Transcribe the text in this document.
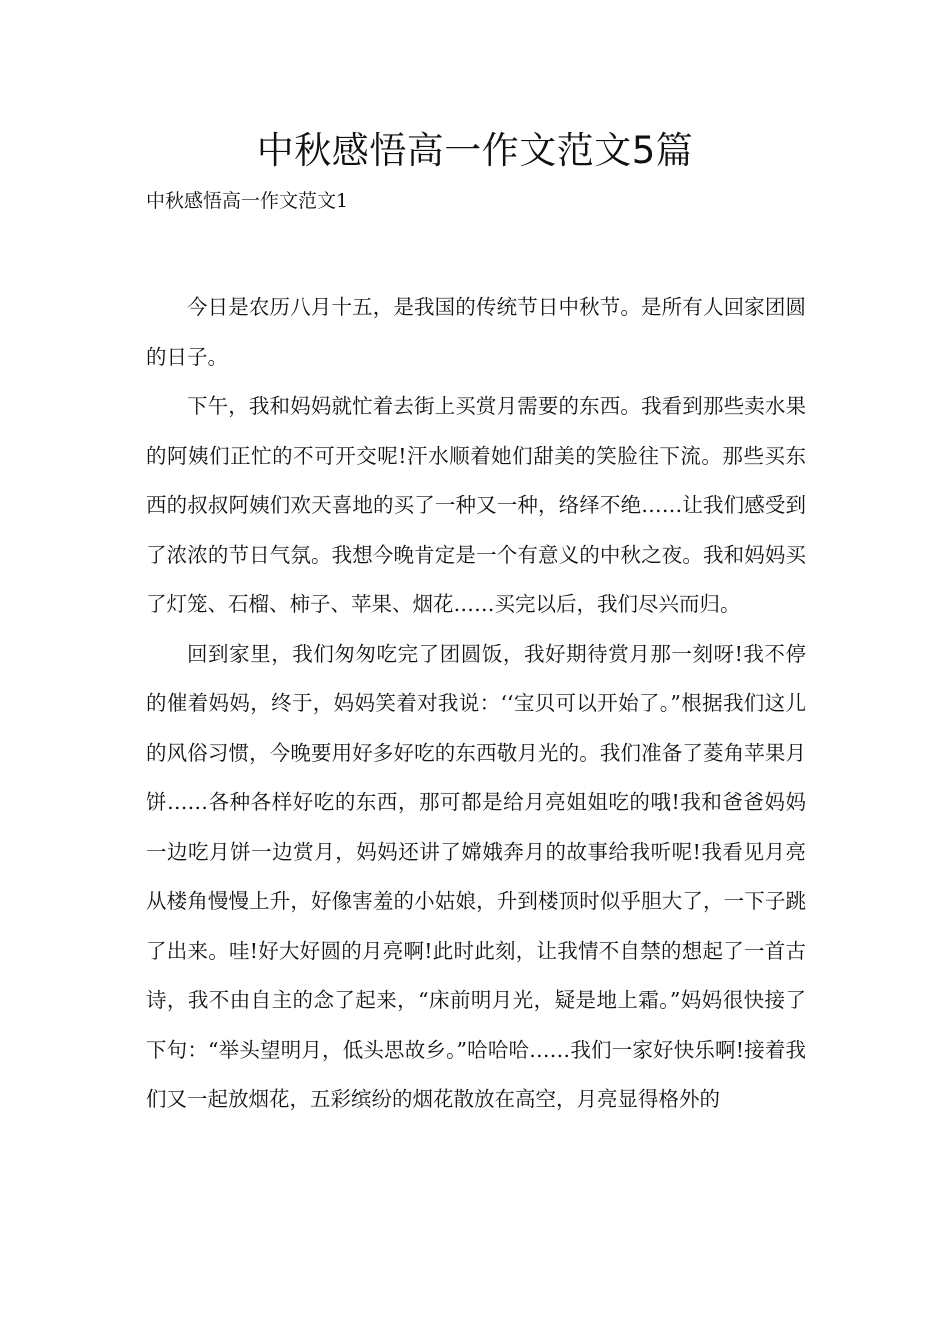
中秋感悟高一作文范文5篇
中秋感悟高一作文范文1

今日是农历八月十五，是我国的传统节日中秋节。是所有人回家团圆的日子。

下午，我和妈妈就忙着去街上买赏月需要的东西。我看到那些卖水果的阿姨们正忙的不可开交呢!汗水顺着她们甜美的笑脸往下流。那些买东西的叔叔阿姨们欢天喜地的买了一种又一种，络绎不绝……让我们感受到了浓浓的节日气氛。我想今晚肯定是一个有意义的中秋之夜。我和妈妈买了灯笼、石榴、柿子、苹果、烟花……买完以后，我们尽兴而归。

回到家里，我们匆匆吃完了团圆饭，我好期待赏月那一刻呀!我不停的催着妈妈，终于，妈妈笑着对我说：‘‘宝贝可以开始了。”根据我们这儿的风俗习惯，今晚要用好多好吃的东西敬月光的。我们准备了菱角苹果月饼……各种各样好吃的东西，那可都是给月亮姐姐吃的哦!我和爸爸妈妈一边吃月饼一边赏月，妈妈还讲了嫦娥奔月的故事给我听呢!我看见月亮从楼角慢慢上升，好像害羞的小姑娘，升到楼顶时似乎胆大了，一下子跳了出来。哇!好大好圆的月亮啊!此时此刻，让我情不自禁的想起了一首古诗，我不由自主的念了起来，“床前明月光，疑是地上霜。”妈妈很快接了下句：“举头望明月，低头思故乡。”哈哈哈……我们一家好快乐啊!接着我们又一起放烟花，五彩缤纷的烟花散放在高空，月亮显得格外的
